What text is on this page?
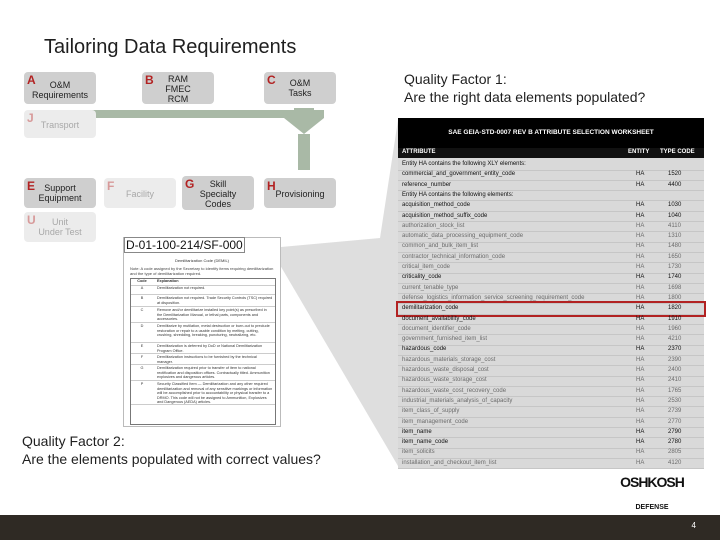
Tailoring Data Requirements
A	O&M
Requirements
B	RAM
FMEC
RCM
C	O&M
Tasks
J Transport
E	Support
Equipment
F
Facility
G	Skill
Specialty
Codes
H
Provisioning
U	Unit
Under Test
Quality Factor 1:
Are the right data elements populated?
SAE GEIA-STD-0007 REV B ATTRIBUTE SELECTION WORKSHEET
ATTRIBUTE	ENTITY TYPE CODE
Entity HA contains the following XLY elements:
commercial_and_government_entity_code	HA	1520
reference_number	HA	4400
Entity HA contains the following elements:
acquisition_method_code	HA	1030
acquisition_method_suffix_code	HA	1040
authorization_stock_list	HA	4110
automatic_data_processing_equipment_code	HA	1310
common_and_bulk_item_list	HA	1480
contractor_technical_information_code	HA	1650
critical_item_code	HA	1730
criticality_code	HA	1740
current_tenable_type	HA	1698
defense_logistics_information_service_screening_requirement_code	HA	1800
demilitarization_code	HA	1820
document_availability_code	HA	1910
document_identifier_code	HA	1960
government_furnished_item_list	HA	4210
hazardous_code	HA	2370
hazardous_materials_storage_cost	HA	2390
hazardous_waste_disposal_cost	HA	2400
hazardous_waste_storage_cost	HA	2410
hazardous_waste_cost_recovery_code	HA	1765
industrial_materials_analysis_of_capacity	HA	2530
item_class_of_supply	HA	2739
item_management_code	HA	2770
item_name	HA	2790
item_name_code	HA	2780
item_solicits	HA	2805
installation_and_checkout_item_list	HA	4120
D-01-100-214/SF-000
Demilitarization Code (DEMIL)
Note: A code assigned by the Secretary to identify items requiring demilitarization and the type of demilitarization required.
Code	Explanation
A	Demilitarization not required.
B	Demilitarization not required. Trade Security Controls (TSC) required at disposition.
C	Remove and/or demilitarize installed key point(s) as prescribed in the Demilitarization Manual, or lethal parts, components and accessories.
D	Demilitarize by mutilation, metal destruction or burn-out to preclude restoration or repair to a usable condition by melting, cutting, crushing, shredding, breaking, puncturing, neutralizing, etc.
E	Demilitarization is deferred by DoD or National Demilitarization Program Office.
F	Demilitarization instructions to be furnished by the technical manager.
G	Demilitarization required prior to transfer of item to national rectification and disposition offices. Contractually titled. Ammunition explosives and dangerous articles.
P	Security Classified Item — Demilitarization and any other required demilitarization and removal of any sensitive markings or information will be accomplished prior to accountability or physical transfer to a DRMO. This code will not be assigned to Ammunition, Explosives and Dangerous (AEDA) articles.
Quality Factor 2:
Are the elements populated with correct values?
OSHKOSH
DEFENSE
4
